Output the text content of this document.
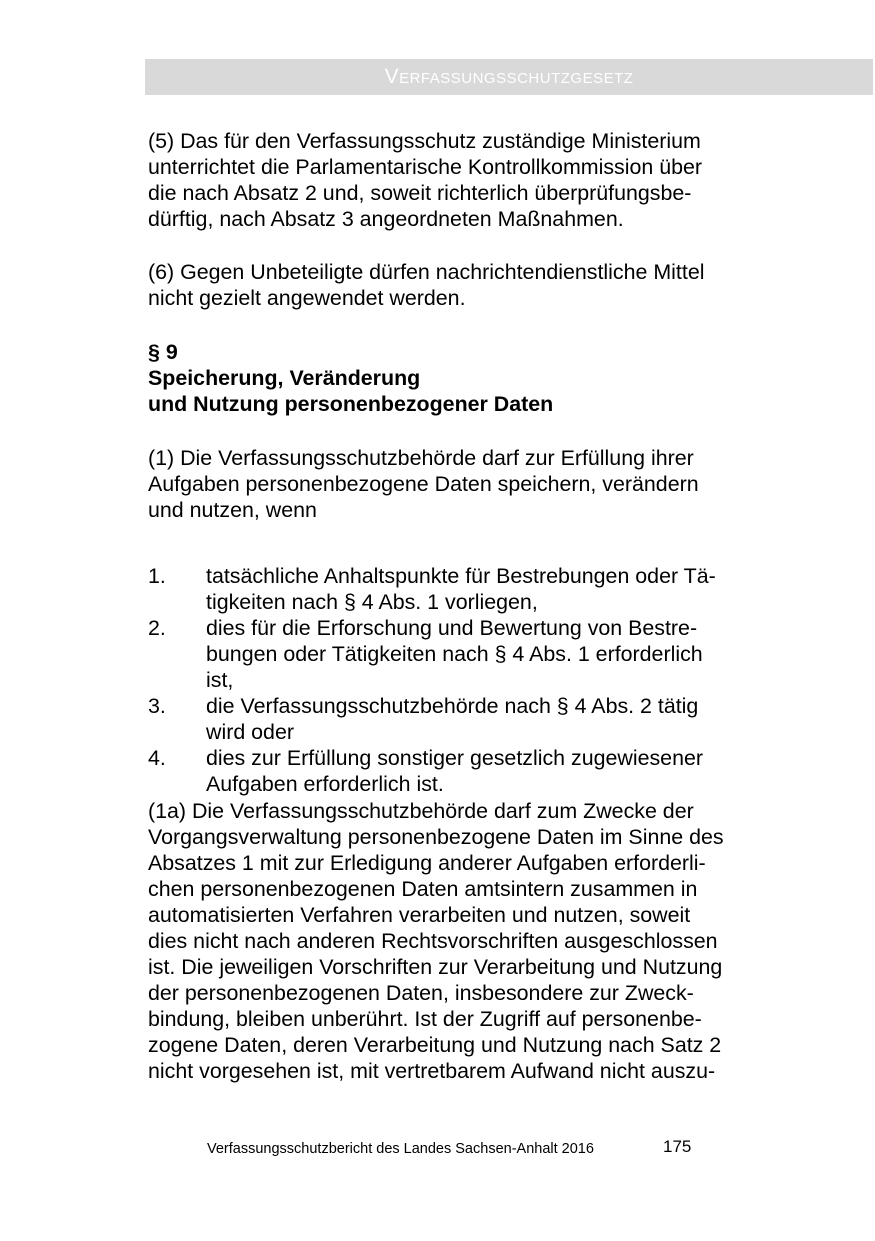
Verfassungsschutzgesetz

(5) Das für den Verfassungsschutz zuständige Ministerium
unterrichtet die Parlamentarische Kontrollkommission über
die nach Absatz 2 und, soweit richterlich überprüfungsbe-
dürftig, nach Absatz 3 angeordneten Maßnahmen.

(6) Gegen Unbeteiligte dürfen nachrichtendienstliche Mittel
nicht gezielt angewendet werden.

§ 9
Speicherung, Veränderung
und Nutzung personenbezogener Daten

(1) Die Verfassungsschutzbehörde darf zur Erfüllung ihrer
Aufgaben personenbezogene Daten speichern, verändern
und nutzen, wenn

1. tatsächliche Anhaltspunkte für Bestrebungen oder Tä-
tigkeiten nach § 4 Abs. 1 vorliegen,
2. dies für die Erforschung und Bewertung von Bestre-
bungen oder Tätigkeiten nach § 4 Abs. 1 erforderlich
ist,
3. die Verfassungsschutzbehörde nach § 4 Abs. 2 tätig
wird oder
4. dies zur Erfüllung sonstiger gesetzlich zugewiesener
Aufgaben erforderlich ist.

(1a) Die Verfassungsschutzbehörde darf zum Zwecke der
Vorgangsverwaltung personenbezogene Daten im Sinne des
Absatzes 1 mit zur Erledigung anderer Aufgaben erforderli-
chen personenbezogenen Daten amtsintern zusammen in
automatisierten Verfahren verarbeiten und nutzen, soweit
dies nicht nach anderen Rechtsvorschriften ausgeschlossen
ist. Die jeweiligen Vorschriften zur Verarbeitung und Nutzung
der personenbezogenen Daten, insbesondere zur Zweck-
bindung, bleiben unberührt. Ist der Zugriff auf personenbe-
zogene Daten, deren Verarbeitung und Nutzung nach Satz 2
nicht vorgesehen ist, mit vertretbarem Aufwand nicht auszu-

Verfassungsschutzbericht des Landes Sachsen-Anhalt 2016	175
